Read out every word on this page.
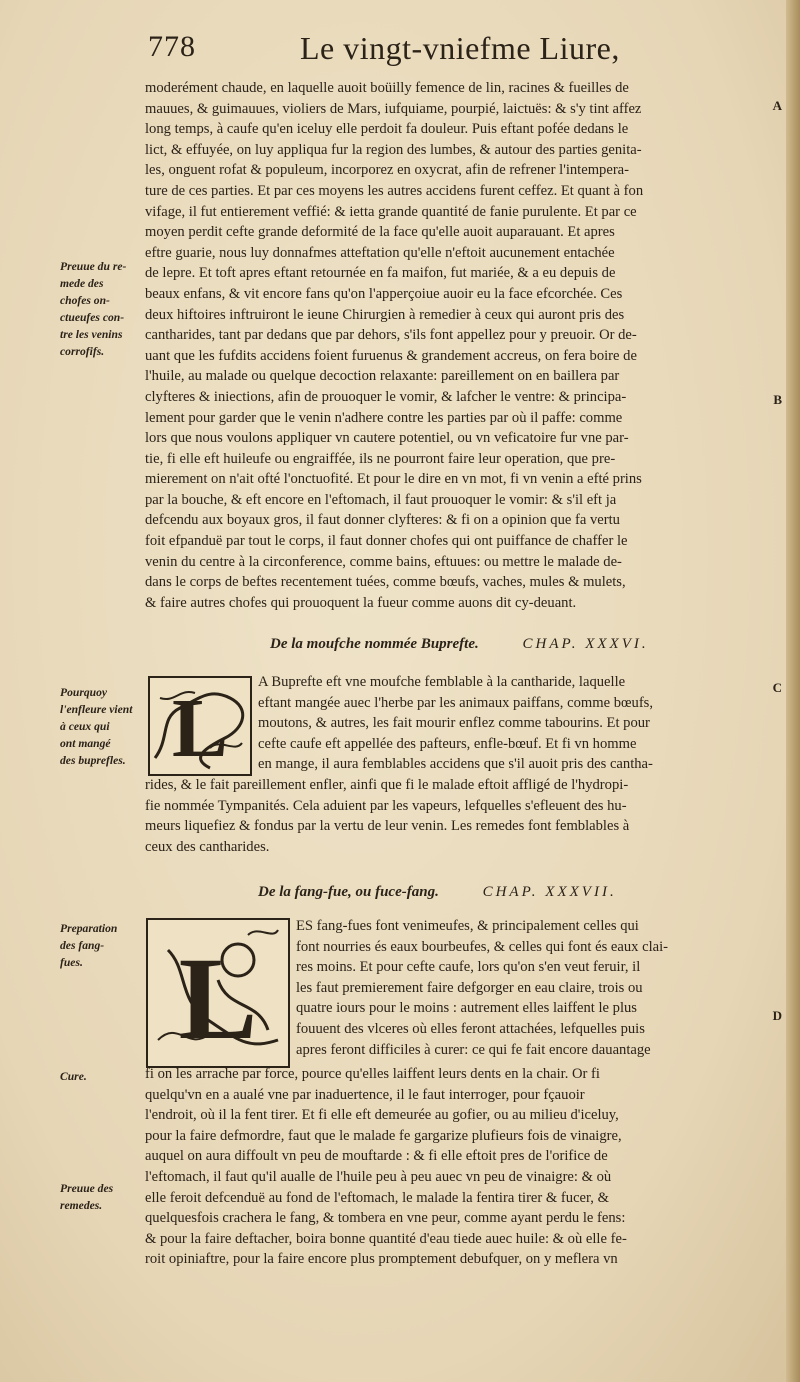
778	Le vingt-vniefme Liure,
moderément chaude, en laquelle auoit boüilly femence de lin, racines & fueilles de
mauues, & guimauues, violiers de Mars, iufquiame, pourpié, laictuës: & s'y tint affez
long temps, à caufe qu'en iceluy elle perdoit fa douleur. Puis eftant pofée dedans le
lict, & effuyée, on luy appliqua fur la region des lumbes, & autour des parties genita-
les, onguent rofat & populeum, incorporez en oxycrat, afin de refrener l'intempera-
ture de ces parties. Et par ces moyens les autres accidens furent ceffez. Et quant à fon
vifage, il fut entierement veffié: & ietta grande quantité de fanie purulente. Et par ce
moyen perdit cefte grande deformité de la face qu'elle auoit auparauant. Et apres
eftre guarie, nous luy donnafmes atteftation qu'elle n'eftoit aucunement entachée
de lepre. Et toft apres eftant retournée en fa maifon, fut mariée, & a eu depuis de
beaux enfans, & vit encore fans qu'on l'apperçoiue auoir eu la face efcorchée. Ces
deux hiftoires inftruiront le ieune Chirurgien à remedier à ceux qui auront pris des
cantharides, tant par dedans que par dehors, s'ils font appellez pour y preuoir. Or de-
uant que les fufdits accidens foient furuenus & grandement accreus, on fera boire de
l'huile, au malade ou quelque decoction relaxante: pareillement on en baillera par
clyfteres & iniections, afin de prouoquer le vomir, & lafcher le ventre: & principa-
lement pour garder que le venin n'adhere contre les parties par où il paffe: comme
lors que nous voulons appliquer vn cautere potentiel, ou vn veficatoire fur vne par-
tie, fi elle eft huileufe ou engraiffée, ils ne pourront faire leur operation, que pre-
mierement on n'ait ofté l'onctuofité. Et pour le dire en vn mot, fi vn venin a efté prins
par la bouche, & eft encore en l'eftomach, il faut prouoquer le vomir: & s'il eft ja
defcendu aux boyaux gros, il faut donner clyfteres: & fi on a opinion que fa vertu
foit efpanduë par tout le corps, il faut donner chofes qui ont puiffance de chaffer le
venin du centre à la circonference, comme bains, eftuues: ou mettre le malade de-
dans le corps de beftes recentement tuées, comme bœufs, vaches, mules & mulets,
& faire autres chofes qui prouoquent la fueur comme auons dit cy-deuant.
Preuue du re-
mede des
chofes on-
ctueufes con-
tre les venins
corrofifs.
Pourquoy
l'enfleure vient
à ceux qui
ont mangé
des buprefles.
Preparation
des fang-
fues.
Cure.
Preuue des
remedes.
A
B
C
D
De la moufche nommée Buprefte.	CHAP. XXXVI.
L A Buprefte eft vne moufche femblable à la cantharide, laquelle
eftant mangée auec l'herbe par les animaux paiffans, comme bœufs,
moutons, & autres, les fait mourir enflez comme tabourins. Et pour
cefte caufe eft appellée des pafteurs, enfle-bœuf. Et fi vn homme
en mange, il aura femblables accidens que s'il auoit pris des cantha-
rides, & le fait pareillement enfler, ainfi que fi le malade eftoit affligé de l'hydropi-
fie nommée Tympanités. Cela aduient par les vapeurs, lefquelles s'efleuent des hu-
meurs liquefiez & fondus par la vertu de leur venin. Les remedes font femblables à
ceux des cantharides.
De la fang-fue, ou fuce-fang.	CHAP. XXXVII.
L
ES fang-fues font venimeufes, & principalement celles qui
font nourries és eaux bourbeufes, & celles qui font és eaux clai-
res moins. Et pour cefte caufe, lors qu'on s'en veut feruir, il
les faut premierement faire defgorger en eau claire, trois ou
quatre iours pour le moins : autrement elles laiffent le plus
fouuent des vlceres où elles feront attachées, lefquelles puis
apres feront difficiles à curer: ce qui fe fait encore dauantage
fi on les arrache par force, pource qu'elles laiffent leurs dents en la chair. Or fi
quelqu'vn en a aualé vne par inaduertence, il le faut interroger, pour fçauoir
l'endroit, où il la fent tirer. Et fi elle eft demeurée au gofier, ou au milieu d'iceluy,
pour la faire defmordre, faut que le malade fe gargarize plufieurs fois de vinaigre,
auquel on aura diffoult vn peu de mouftarde : & fi elle eftoit pres de l'orifice de
l'eftomach, il faut qu'il aualle de l'huile peu à peu auec vn peu de vinaigre: & où
elle feroit defcenduë au fond de l'eftomach, le malade la fentira tirer & fucer, &
quelquesfois crachera le fang, & tombera en vne peur, comme ayant perdu le fens:
& pour la faire deftacher, boira bonne quantité d'eau tiede auec huile: & où elle fe-
roit opiniaftre, pour la faire encore plus promptement debufquer, on y meflera vn
